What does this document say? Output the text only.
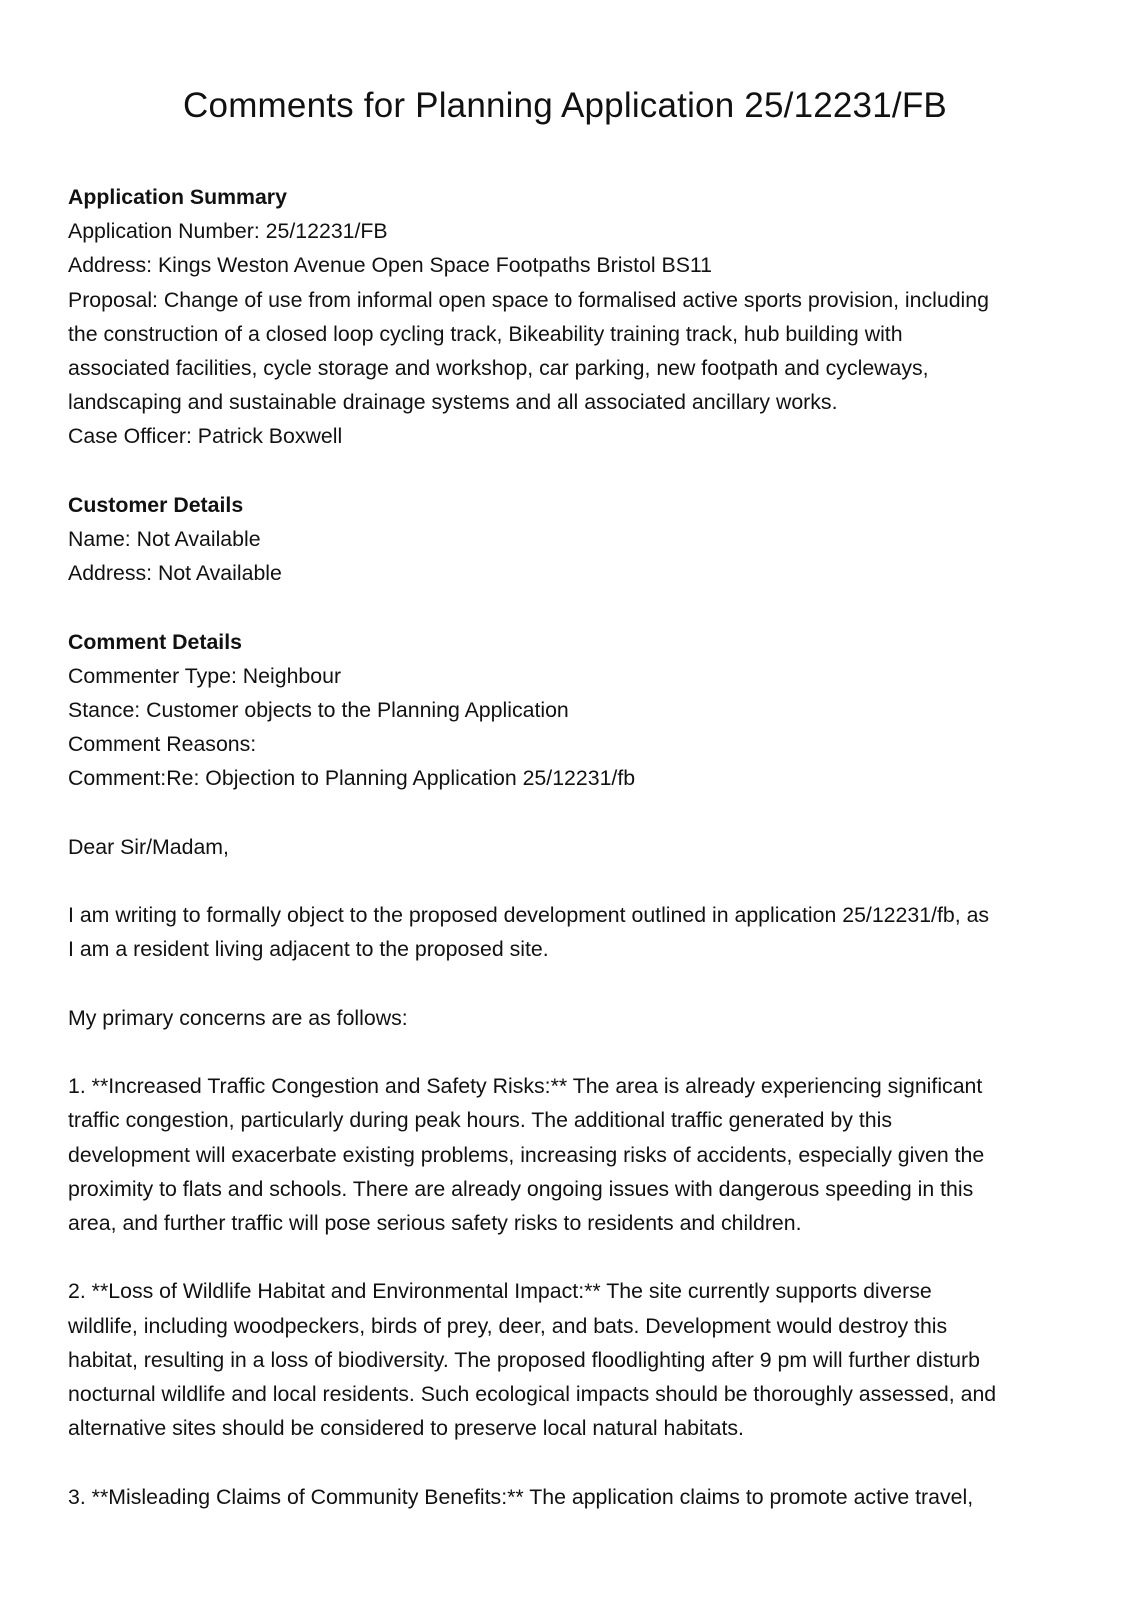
Comments for Planning Application 25/12231/FB

Application Summary

Application Number: 25/12231/FB

Address: Kings Weston Avenue Open Space Footpaths Bristol BS11

Proposal: Change of use from informal open space to formalised active sports provision, including

the construction of a closed loop cycling track, Bikeability training track, hub building with

associated facilities, cycle storage and workshop, car parking, new footpath and cycleways,

landscaping and sustainable drainage systems and all associated ancillary works.

Case Officer: Patrick Boxwell

Customer Details

Name: Not Available

Address: Not Available

Comment Details

Commenter Type: Neighbour

Stance: Customer objects to the Planning Application

Comment Reasons:

Comment:Re: Objection to Planning Application 25/12231/fb

Dear Sir/Madam,

I am writing to formally object to the proposed development outlined in application 25/12231/fb, as

I am a resident living adjacent to the proposed site.

My primary concerns are as follows:

1. **Increased Traffic Congestion and Safety Risks:** The area is already experiencing significant

traffic congestion, particularly during peak hours. The additional traffic generated by this

development will exacerbate existing problems, increasing risks of accidents, especially given the

proximity to flats and schools. There are already ongoing issues with dangerous speeding in this

area, and further traffic will pose serious safety risks to residents and children.

2. **Loss of Wildlife Habitat and Environmental Impact:** The site currently supports diverse

wildlife, including woodpeckers, birds of prey, deer, and bats. Development would destroy this

habitat, resulting in a loss of biodiversity. The proposed floodlighting after 9 pm will further disturb

nocturnal wildlife and local residents. Such ecological impacts should be thoroughly assessed, and

alternative sites should be considered to preserve local natural habitats.

3. **Misleading Claims of Community Benefits:** The application claims to promote active travel,
